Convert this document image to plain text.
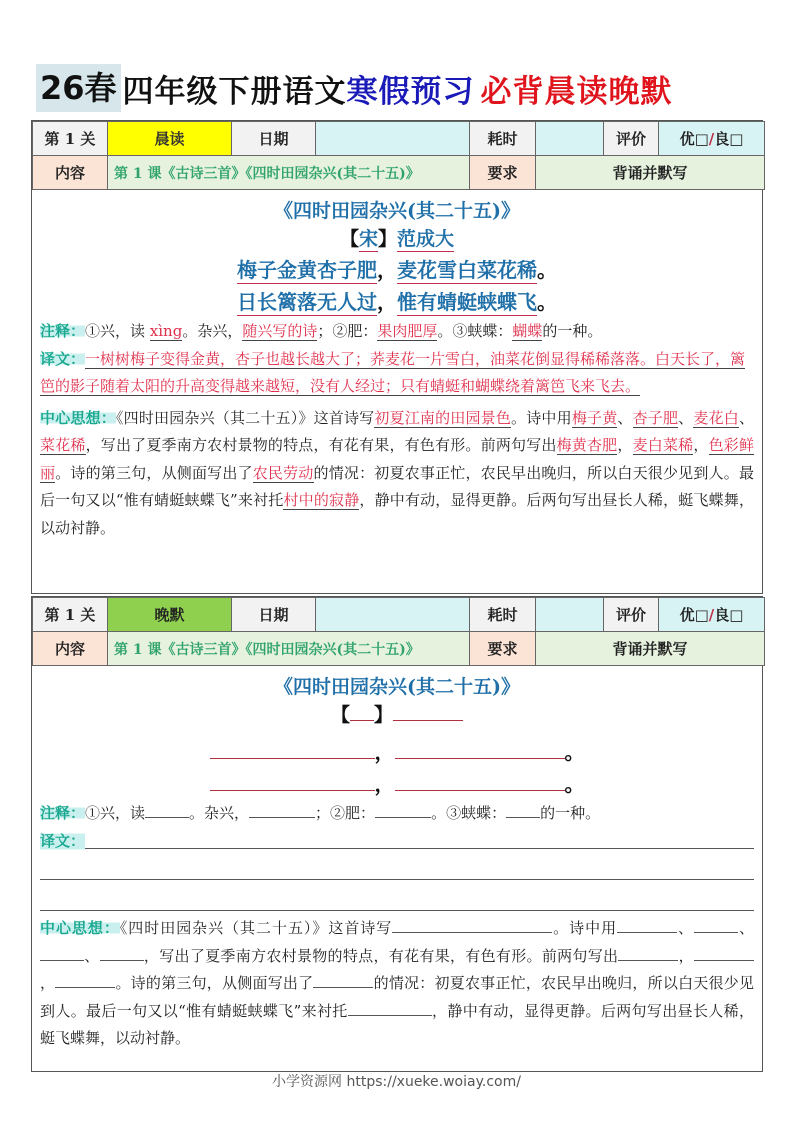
26春 四年级下册语文 寒假预习 必背晨读晚默
第 1 关	晨读	日期		耗时		评价	优□/良□
内容	第 1 课《古诗三首》《四时田园杂兴(其二十五)》			要求	背诵并默写		
《四时田园杂兴(其二十五)》
【宋】范成大
梅子金黄杏子肥，麦花雪白菜花稀。
日长篱落无人过，惟有蜻蜓蛱蝶飞。
注释：①兴，读 xìng。杂兴，随兴写的诗；②肥：果肉肥厚。③蛱蝶：蝴蝶的一种。
译文：一树树梅子变得金黄，杏子也越长越大了；荞麦花一片雪白，油菜花倒显得稀稀落落。白天长了，篱笆的影子随着太阳的升高变得越来越短，没有人经过；只有蜻蜓和蝴蝶绕着篱笆飞来飞去。
中心思想：《四时田园杂兴（其二十五）》这首诗写初夏江南的田园景色。诗中用梅子黄、杏子肥、麦花白、菜花稀，写出了夏季南方农村景物的特点，有花有果，有色有形。前两句写出梅黄杏肥，麦白菜稀，色彩鲜丽。诗的第三句，从侧面写出了农民劳动的情况：初夏农事正忙，农民早出晚归，所以白天很少见到人。最后一句又以“惟有蜻蜓蛱蝶飞”来衬托村中的寂静，静中有动，显得更静。后两句写出昼长人稀，蜓飞蝶舞，以动衬静。
第 1 关	晚默	日期		耗时		评价	优□/良□
内容	第 1 课《古诗三首》《四时田园杂兴(其二十五)》			要求	背诵并默写		
《四时田园杂兴(其二十五)》
【 】
，	。
，	。
注释：①兴，读	。杂兴，	；②肥：	。③蛱蝶： 的一种。
译文：
中心思想：《四时田园杂兴（其二十五）》这首诗写	。诗中用	、	、、	，写出了夏季南方农村景物的特点，有花有果，有色有形。前两句写出	，，	。诗的第三句，从侧面写出了	的情况：初夏农事正忙，农民早出晚归，所以白天很少见到人。最后一句又以“惟有蜻蜓蛱蝶飞”来衬托	，静中有动，显得更静。后两句写出昼长人稀，蜓飞蝶舞，以动衬静。
小学资源网 https://xueke.woiay.com/
